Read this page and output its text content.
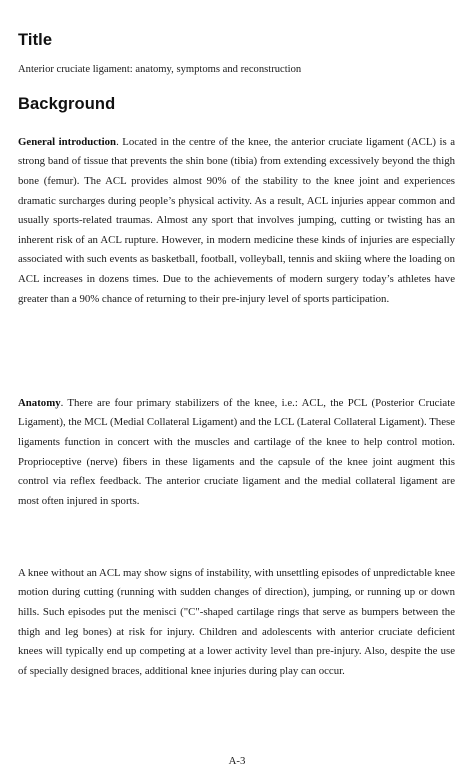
Title
Anterior cruciate ligament: anatomy, symptoms and reconstruction
Background

General introduction. Located in the centre of the knee, the anterior cruciate ligament (ACL) is a strong band of tissue that prevents the shin bone (tibia) from extending excessively beyond the thigh bone (femur). The ACL provides almost 90% of the stability to the knee joint and experiences dramatic surcharges during people’s physical activity. As a result, ACL injuries appear common and usually sports-related traumas. Almost any sport that involves jumping, cutting or twisting has an inherent risk of an ACL rupture. However, in modern medicine these kinds of injuries are especially associated with such events as basketball, football, volleyball, tennis and skiing where the loading on ACL increases in dozens times. Due to the achievements of modern surgery today’s athletes have greater than a 90% chance of returning to their pre-injury level of sports participation.

Anatomy. There are four primary stabilizers of the knee, i.e.: ACL, the PCL (Posterior Cruciate Ligament), the MCL (Medial Collateral Ligament) and the LCL (Lateral Collateral Ligament). These ligaments function in concert with the muscles and cartilage of the knee to help control motion. Proprioceptive (nerve) fibers in these ligaments and the capsule of the knee joint augment this control via reflex feedback. The anterior cruciate ligament and the medial collateral ligament are most often injured in sports.

A knee without an ACL may show signs of instability, with unsettling episodes of unpredictable knee motion during cutting (running with sudden changes of direction), jumping, or running up or down hills. Such episodes put the menisci ("C"-shaped cartilage rings that serve as bumpers between the thigh and leg bones) at risk for injury. Children and adolescents with anterior cruciate deficient knees will typically end up competing at a lower activity level than pre-injury. Also, despite the use of specially designed braces, additional knee injuries during play can occur.

A-3
